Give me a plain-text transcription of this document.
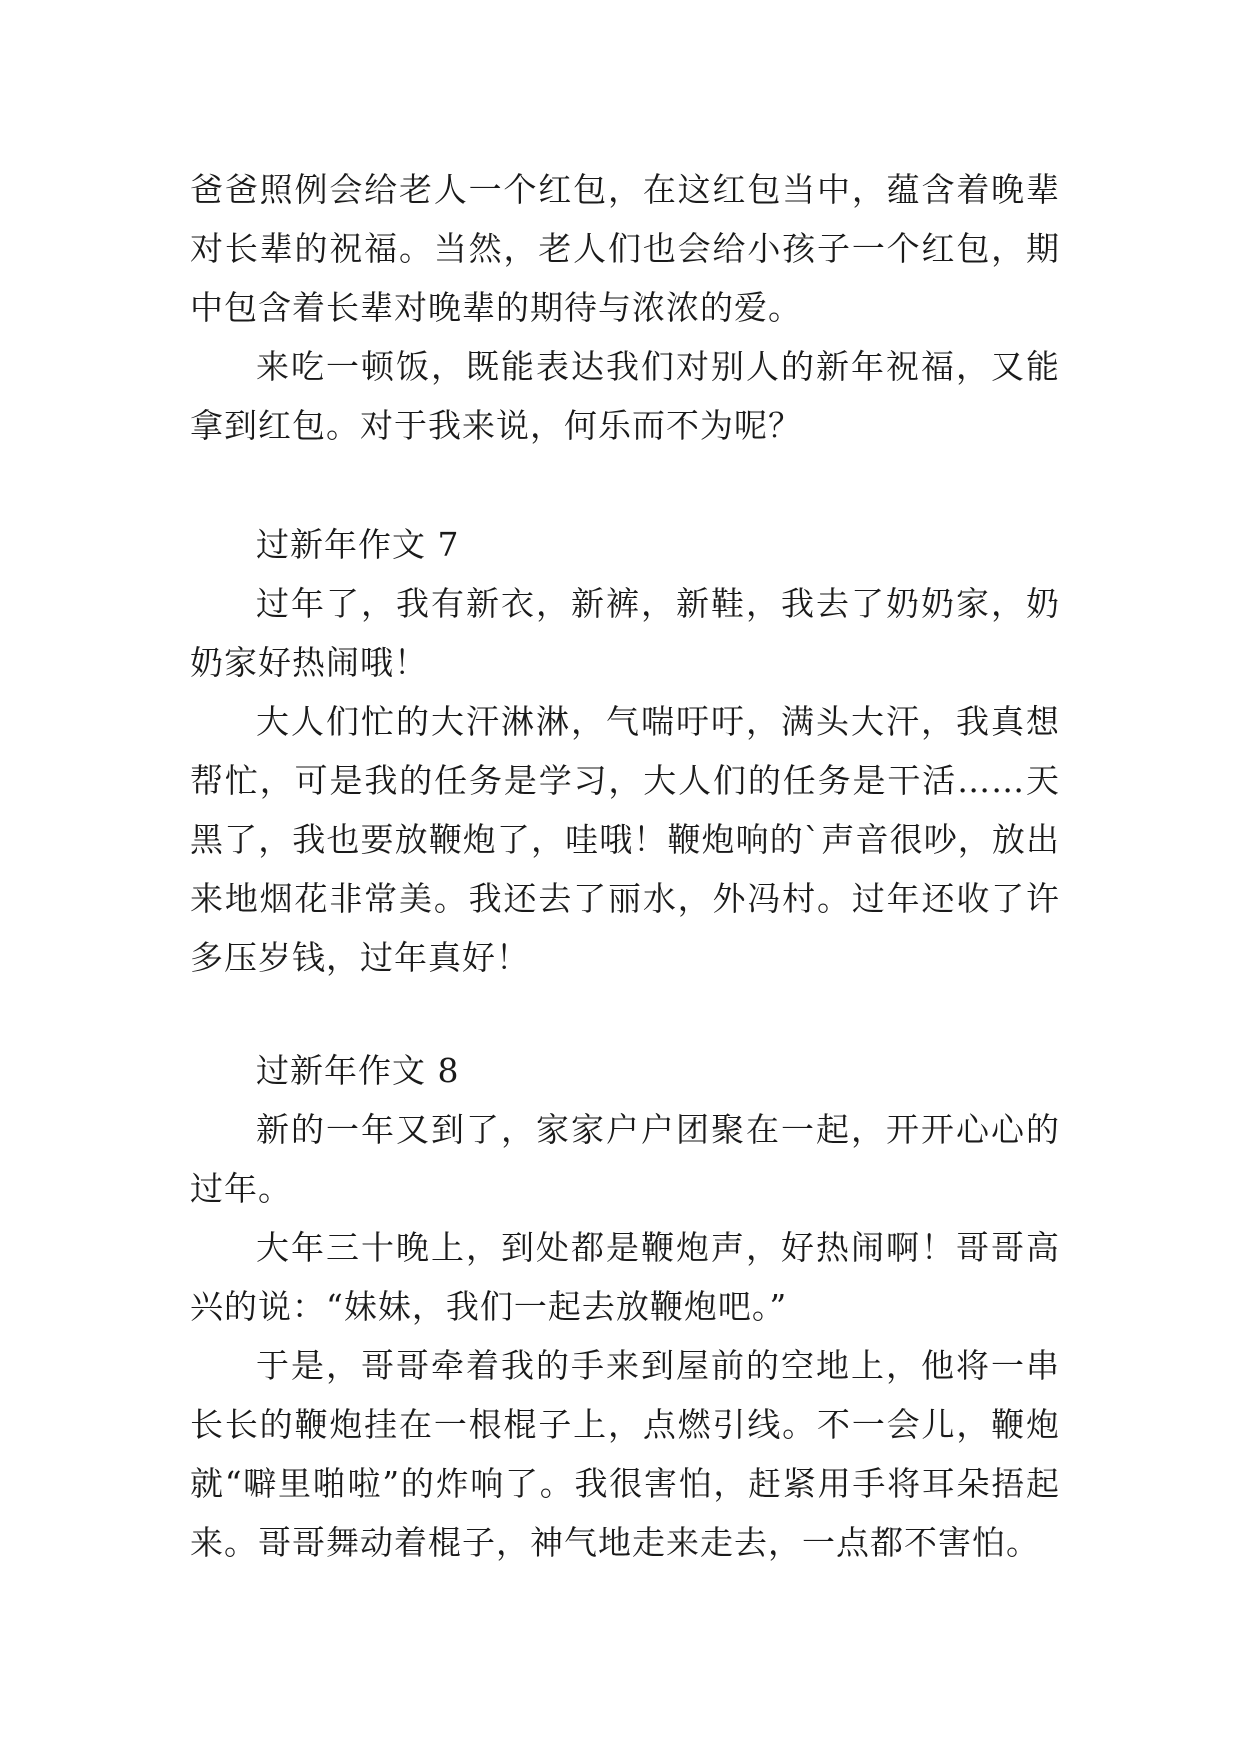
爸爸照例会给老人一个红包，在这红包当中，蕴含着晚辈对长辈的祝福。当然，老人们也会给小孩子一个红包，期中包含着长辈对晚辈的期待与浓浓的爱。

来吃一顿饭，既能表达我们对别人的新年祝福，又能拿到红包。对于我来说，何乐而不为呢？

过新年作文 7

过年了，我有新衣，新裤，新鞋，我去了奶奶家，奶奶家好热闹哦！

大人们忙的大汗淋淋，气喘吁吁，满头大汗，我真想帮忙，可是我的任务是学习，大人们的任务是干活……天黑了，我也要放鞭炮了，哇哦！鞭炮响的`声音很吵，放出来地烟花非常美。我还去了丽水，外冯村。过年还收了许多压岁钱，过年真好！

过新年作文 8

新的一年又到了，家家户户团聚在一起，开开心心的过年。

大年三十晚上，到处都是鞭炮声，好热闹啊！哥哥高兴的说：“妹妹，我们一起去放鞭炮吧。”

于是，哥哥牵着我的手来到屋前的空地上，他将一串长长的鞭炮挂在一根棍子上，点燃引线。不一会儿，鞭炮就“噼里啪啦”的炸响了。我很害怕，赶紧用手将耳朵捂起来。哥哥舞动着棍子，神气地走来走去，一点都不害怕。
